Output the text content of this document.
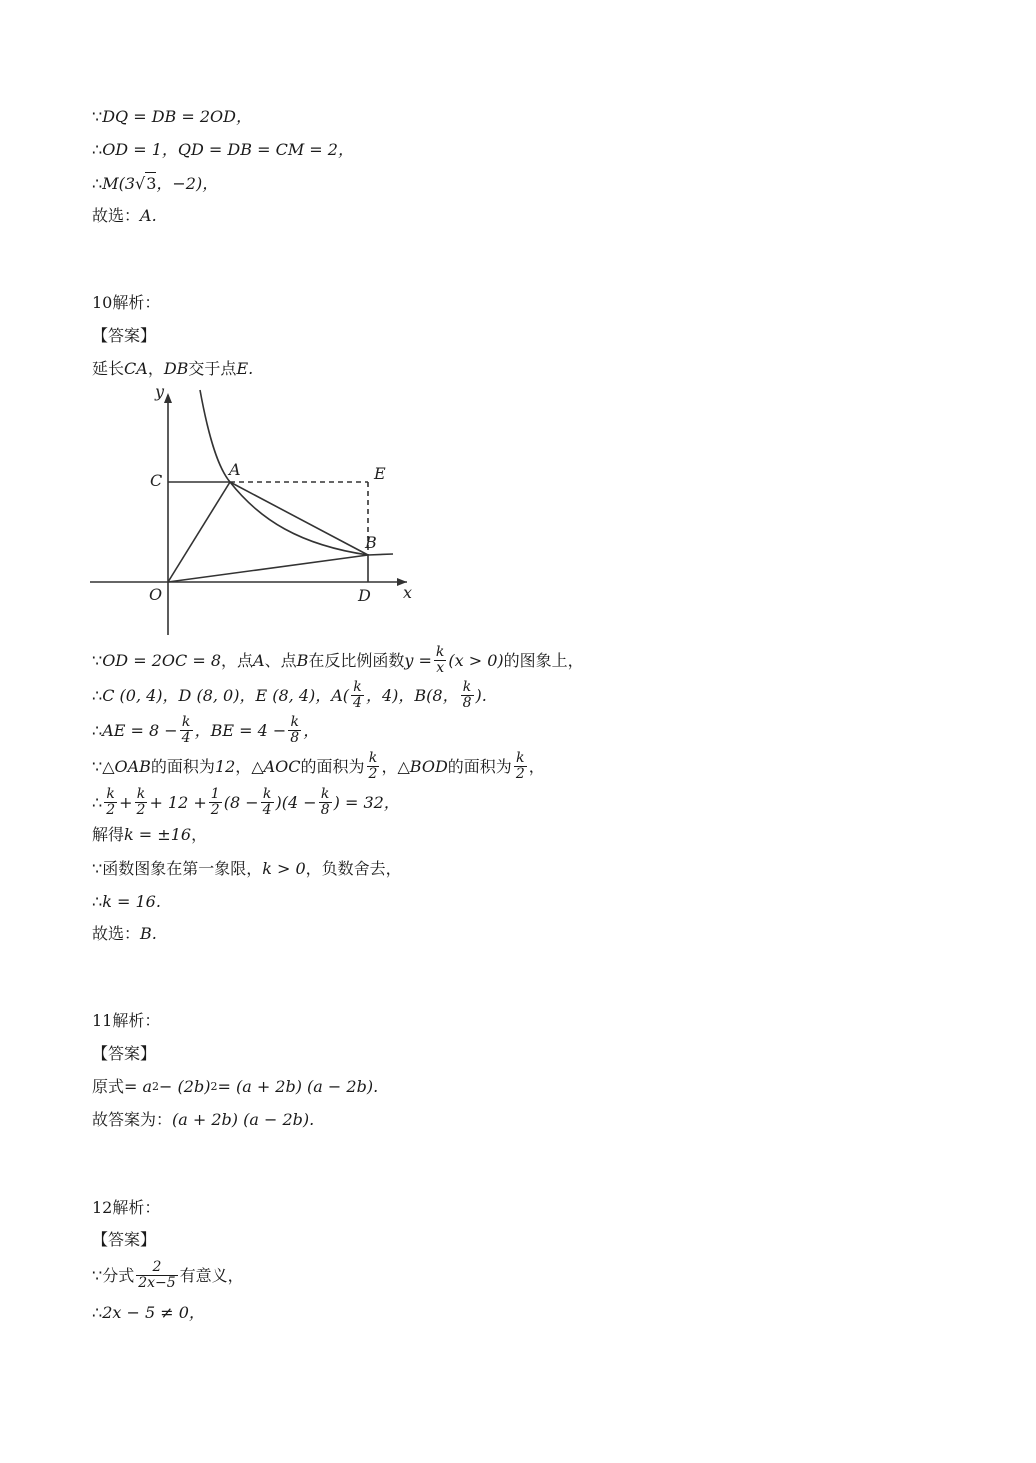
∵ DQ = DB = 2OD，
∴ OD = 1，QD = DB = CM = 2，
∴ M(3 √ 3 ，−2)，
故选： A.
10解析：
【答案】
延长 CA ， DB 交于点 E.
y
x
O
C
A	E
B
D
∵ OD = 2OC = 8 ，点 A 、点 B 在反比例函数 $y = \frac{k}{x} (x > 0)$ 的图象上，
∴ C (0, 4)，D (8, 0)，E (8, 4)，$A( \frac{k}{4}$ ，4)，B(8， $\frac{k}{8}$ ).
∴ AE = $8 - \frac{k}{4}$ ，BE = $4 - \frac{k}{8}$ ，
∵ △OAB 的面积为 12 ， △AOC 的面积为 $\frac{k}{2}$ ， △BOD 的面积为 $\frac{k}{2}$ ，
∴ $\frac{k}{2} + \frac{k}{2} + 12 + \frac{1}{2} (8 - \frac{k}{4} )(4 - \frac{k}{8}$ ) = 32，
解得 k = ±16 ，
∵ 函数图象在第一象限， k > 0 ，负数舍去，
∴ k = 16.
故选： B.
11解析：
【答案】
原式 = a 2 − (2b) 2 = (a + 2b) (a − 2b).
故答案为： (a + 2b) (a − 2b).
12解析：
【答案】
∵ 分式 $\frac{2}{2x-5}$ 有意义，
∴ 2x − 5 ≠ 0，
